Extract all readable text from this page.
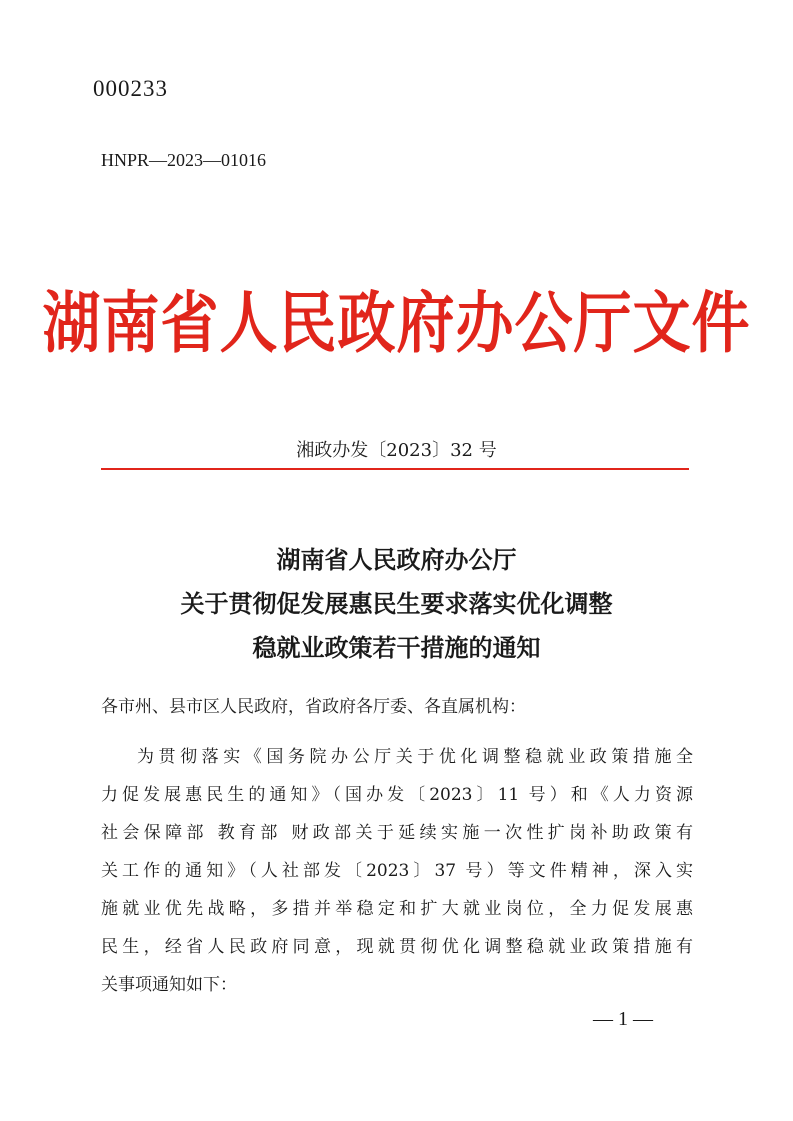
000233
HNPR—2023—01016
湖南省人民政府办公厅文件
湘政办发〔2023〕32 号
湖南省人民政府办公厅
关于贯彻促发展惠民生要求落实优化调整
稳就业政策若干措施的通知
各市州、县市区人民政府，省政府各厅委、各直属机构：
为贯彻落实《国务院办公厅关于优化调整稳就业政策措施全
力促发展惠民生的通知》（国办发〔2023〕11 号）和《人力资源
社会保障部 教育部 财政部关于延续实施一次性扩岗补助政策有
关工作的通知》（人社部发〔2023〕37 号）等文件精神，深入实
施就业优先战略，多措并举稳定和扩大就业岗位，全力促发展惠
民生，经省人民政府同意，现就贯彻优化调整稳就业政策措施有
关事项通知如下：
— 1 —
